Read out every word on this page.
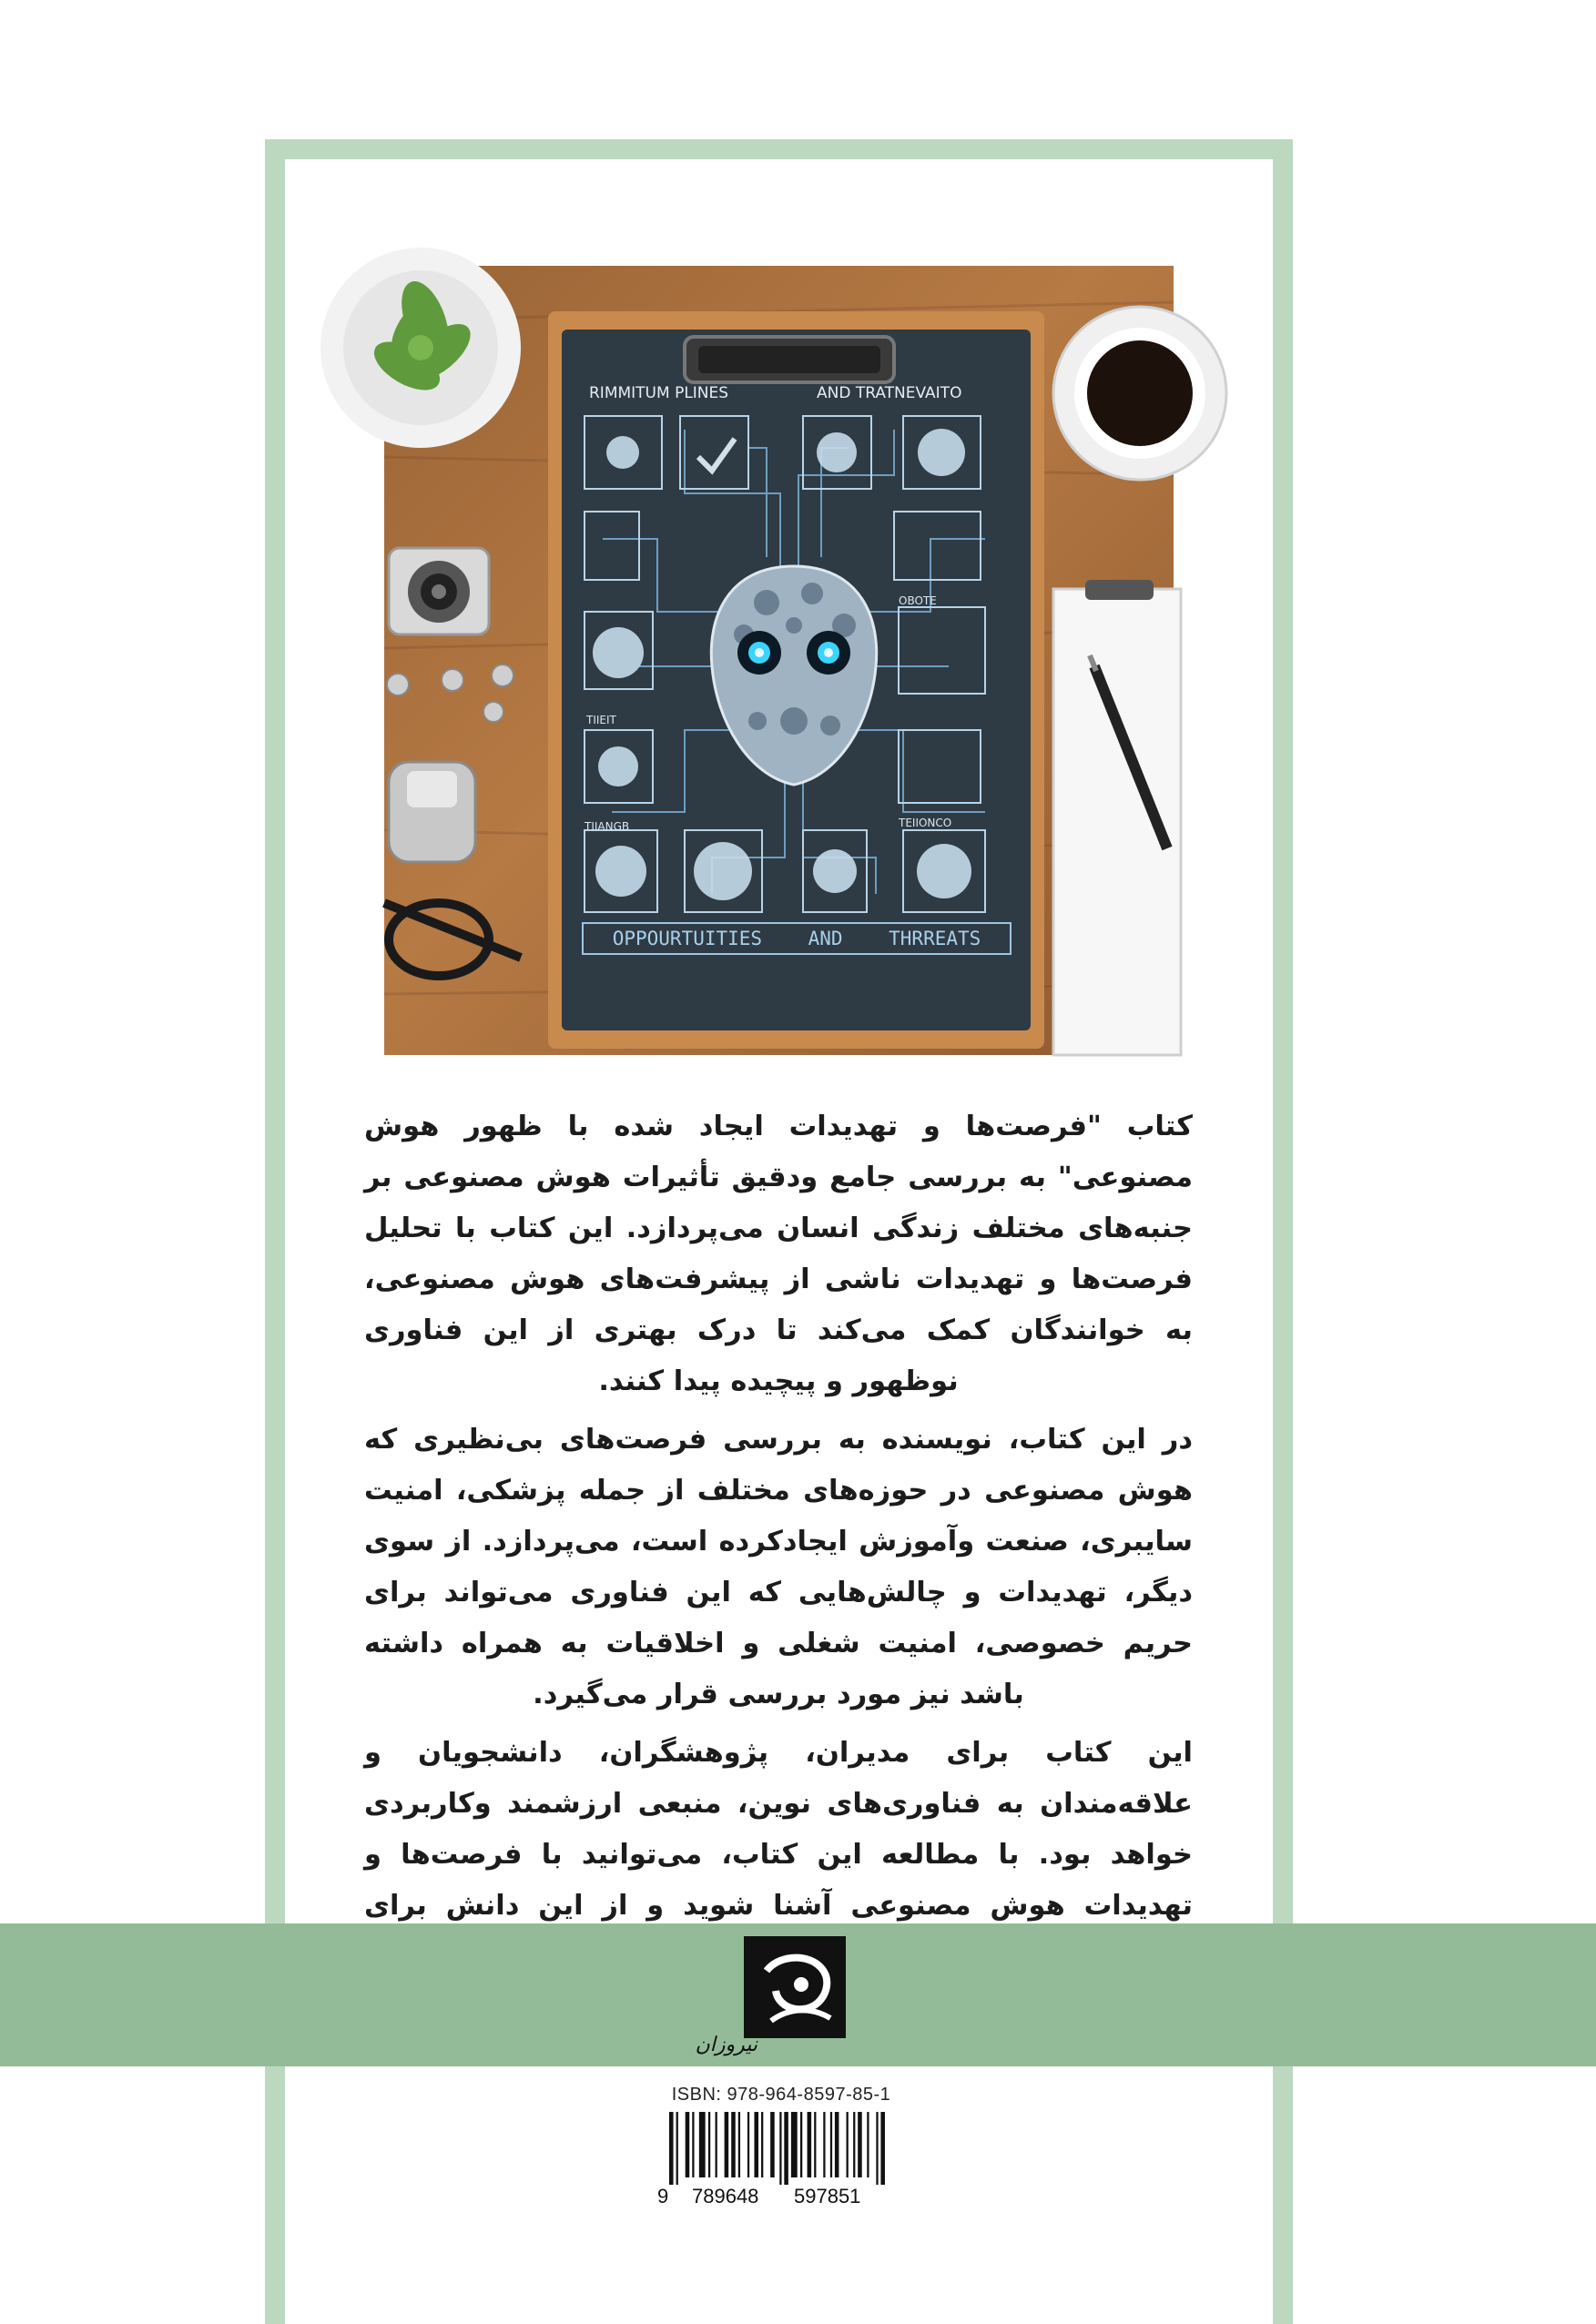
RIMMITUM PLINES	AND TRATNEVAITO
OBOTE
TIIANGB	TEIIONCO
TIIEIT
OPPOURTUITIES    AND    THRREATS

کتاب "فرصت‌ها و تهدیدات ایجاد شده با ظهور هوش مصنوعی" به بررسی جامع ودقیق تأثیرات هوش مصنوعی بر جنبه‌های مختلف زندگی انسان می‌پردازد. این کتاب با تحلیل فرصت‌ها و تهدیدات ناشی از پیشرفت‌های هوش مصنوعی، به خوانندگان کمک می‌کند تا درک بهتری از این فناوری نوظهور و پیچیده پیدا کنند.

در این کتاب، نویسنده به بررسی فرصت‌های بی‌نظیری که هوش مصنوعی در حوزه‌های مختلف از جمله پزشکی، امنیت سایبری، صنعت وآموزش ایجادکرده است، می‌پردازد. از سوی دیگر، تهدیدات و چالش‌هایی که این فناوری می‌تواند برای حریم خصوصی، امنیت شغلی و اخلاقیات به همراه داشته باشد نیز مورد بررسی قرار می‌گیرد.

این کتاب برای مدیران، پژوهشگران، دانشجویان و علاقه‌مندان به فناوری‌های نوین، منبعی ارزشمند وکاربردی خواهد بود. با مطالعه این کتاب، می‌توانید با فرصت‌ها و تهدیدات هوش مصنوعی آشنا شوید و از این دانش برای

نیروزان
ISBN: 978-964-8597-85-1
9 789648 597851
